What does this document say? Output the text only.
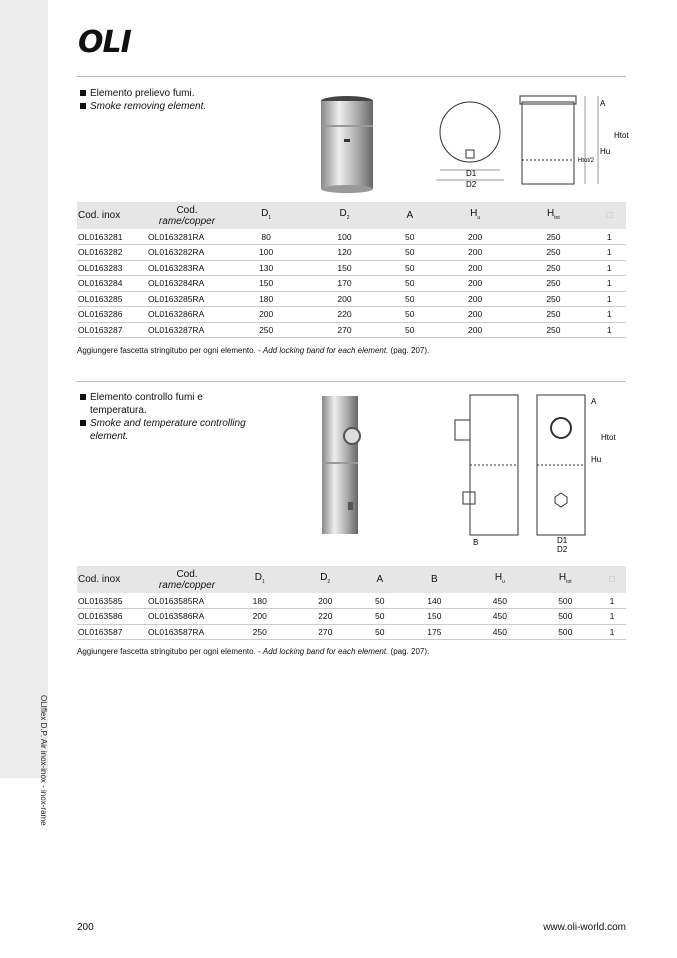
OLIflex D.P. Air inox-inox - inox-rame
OLI
Elemento prelievo fumi.
Smoke removing element.
D1
D2
A
Hu
Htot
Htot/2
Cod. inox	Cod.
rame/copper	$D_1$	$D_2$	A	$H_u$	$H_{tot}$	□
OL0163281	OL0163281RA	80	100	50	200	250	1
OL0163282	OL0163282RA	100	120	50	200	250	1
OL0163283	OL0163283RA	130	150	50	200	250	1
OL0163284	OL0163284RA	150	170	50	200	250	1
OL0163285	OL0163285RA	180	200	50	200	250	1
OL0163286	OL0163286RA	200	220	50	200	250	1
OL0163287	OL0163287RA	250	270	50	200	250	1
Aggiungere fascetta stringitubo per ogni elemento. - Add locking band for each element. (pag. 207).
Elemento controllo fumi e
temperatura.
Smoke and temperature controlling
element.
A
B
Hu
Htot
D1
D2
Cod. inox	Cod.
rame/copper	$D_1$	$D_2$	A	B	$H_u$	$H_{tot}$	□
OL0163585	OL0163585RA	180	200	50	140	450	500	1
OL0163586	OL0163586RA	200	220	50	150	450	500	1
OL0163587	OL0163587RA	250	270	50	175	450	500	1
Aggiungere fascetta stringitubo per ogni elemento. - Add locking band for each element. (pag. 207).
200	www.oli-world.com
